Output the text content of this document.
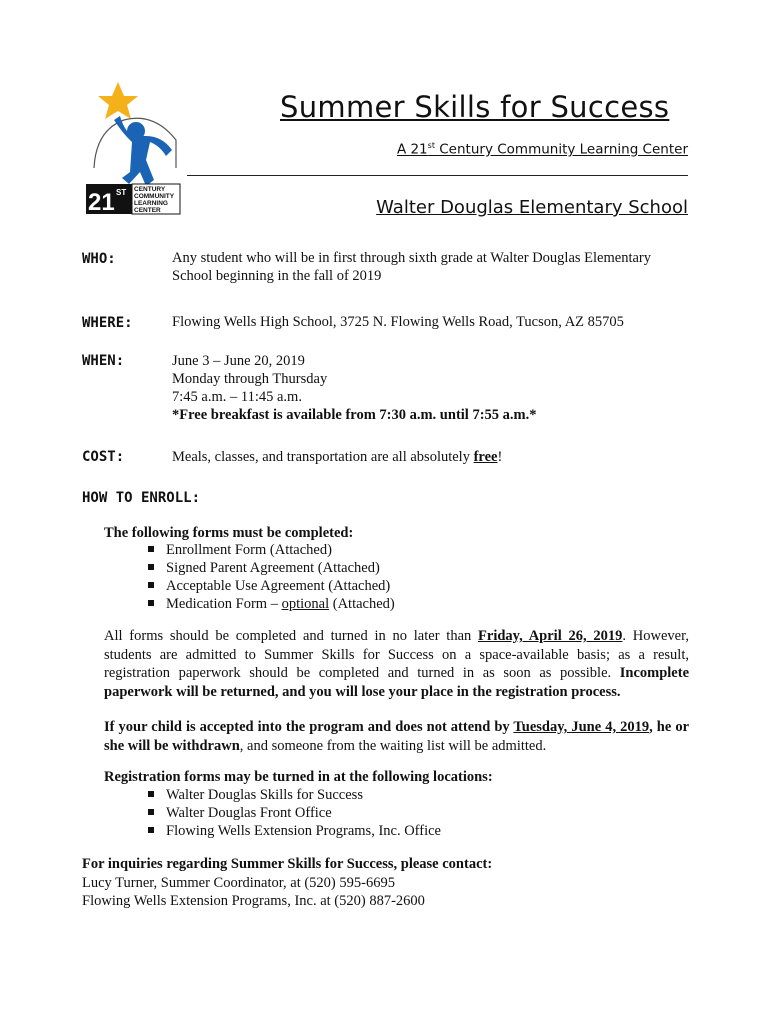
21 ST CENTURY
COMMUNITY
LEARNING
CENTER
Summer Skills for Success
A 21st Century Community Learning Center
Walter Douglas Elementary School
WHO:	Any student who will be in first through sixth grade at Walter Douglas Elementary
School beginning in the fall of 2019
WHERE:	Flowing Wells High School, 3725 N. Flowing Wells Road, Tucson, AZ 85705
WHEN:	June 3 – June 20, 2019
Monday through Thursday
7:45 a.m. – 11:45 a.m.
*Free breakfast is available from 7:30 a.m. until 7:55 a.m.*
COST:	Meals, classes, and transportation are all absolutely free!
HOW TO ENROLL:
The following forms must be completed:
Enrollment Form (Attached)
Signed Parent Agreement (Attached)
Acceptable Use Agreement (Attached)
Medication Form – optional (Attached)
All forms should be completed and turned in no later than Friday, April 26, 2019. However, students are admitted to Summer Skills for Success on a space-available basis; as a result, registration paperwork should be completed and turned in as soon as possible. Incomplete paperwork will be returned, and you will lose your place in the registration process.
If your child is accepted into the program and does not attend by Tuesday, June 4, 2019, he or she will be withdrawn, and someone from the waiting list will be admitted.
Registration forms may be turned in at the following locations:
Walter Douglas Skills for Success
Walter Douglas Front Office
Flowing Wells Extension Programs, Inc. Office
For inquiries regarding Summer Skills for Success, please contact:
Lucy Turner, Summer Coordinator, at (520) 595-6695
Flowing Wells Extension Programs, Inc. at (520) 887-2600
